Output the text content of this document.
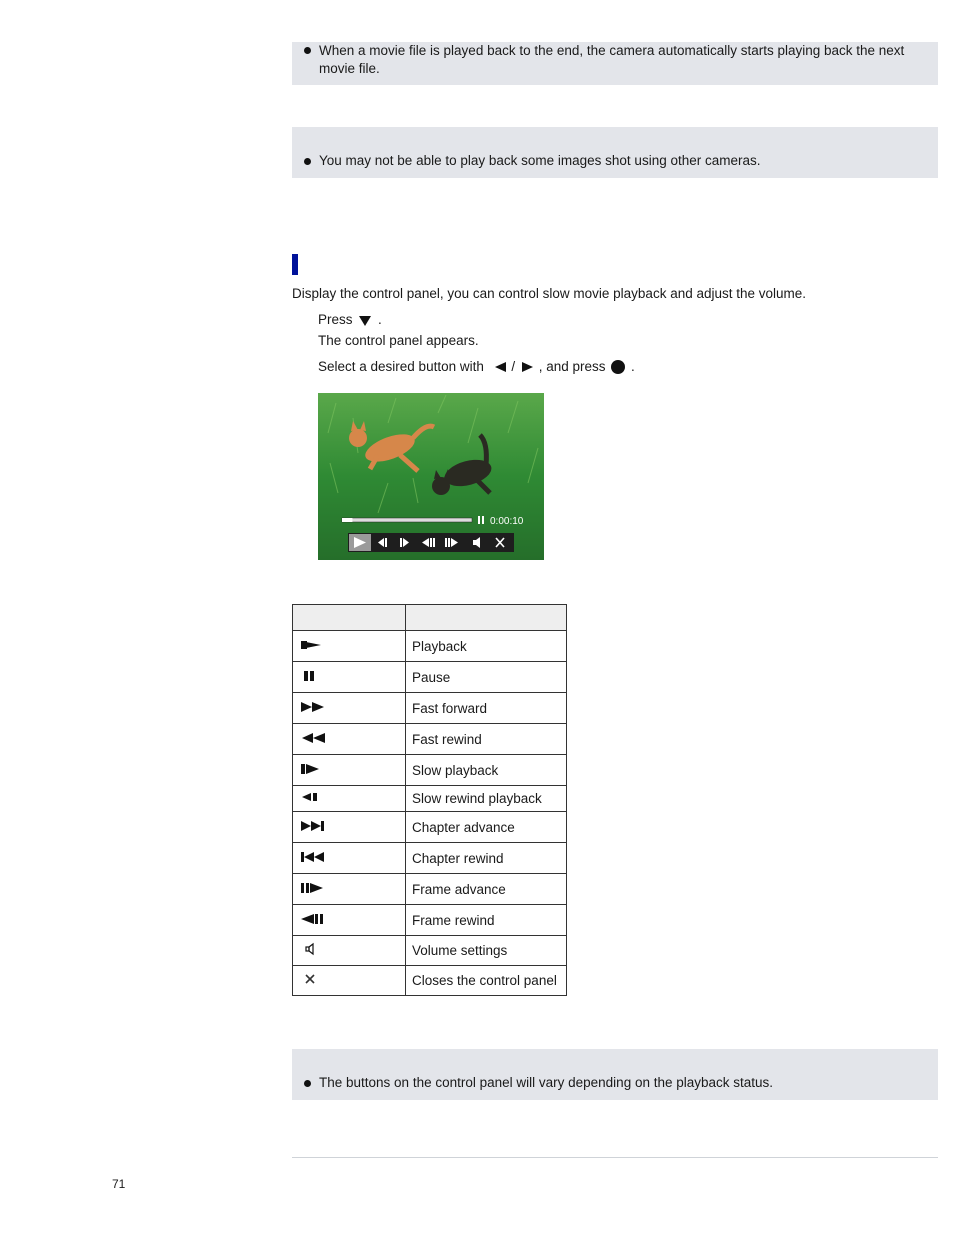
When a movie file is played back to the end, the camera automatically starts playing back the next movie file.
You may not be able to play back some images shot using other cameras.
Display the control panel, you can control slow movie playback and adjust the volume.
Press .
The control panel appears.
Select a desired button with / , and press .
0:00:10

	Playback
	Pause
	Fast forward
	Fast rewind
	Slow playback
	Slow rewind playback
	Chapter advance
	Chapter rewind
	Frame advance
	Frame rewind
	Volume settings
	Closes the control panel
The buttons on the control panel will vary depending on the playback status.
71
